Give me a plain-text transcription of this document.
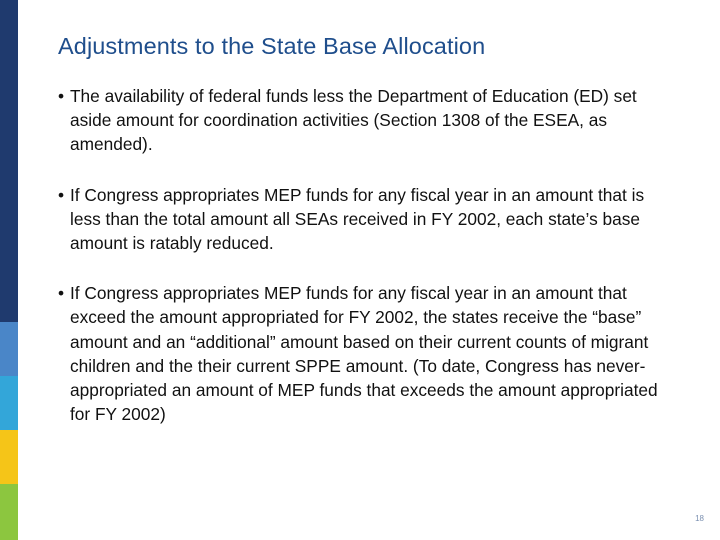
Adjustments to the State Base Allocation
• The availability of federal funds less the Department of Education (ED) set aside amount for coordination activities (Section 1308 of the ESEA, as amended).
• If Congress appropriates MEP funds for any fiscal year in an amount that is less than the total amount all SEAs received in FY 2002, each state’s base amount is ratably reduced.
• If Congress appropriates MEP funds for any fiscal year in an amount that exceed the amount appropriated for FY 2002, the states receive the “base” amount and an “additional” amount based on their current counts of migrant children and the their current SPPE amount. (To date, Congress has never-appropriated an amount of MEP funds that exceeds the amount appropriated for FY 2002)
18
